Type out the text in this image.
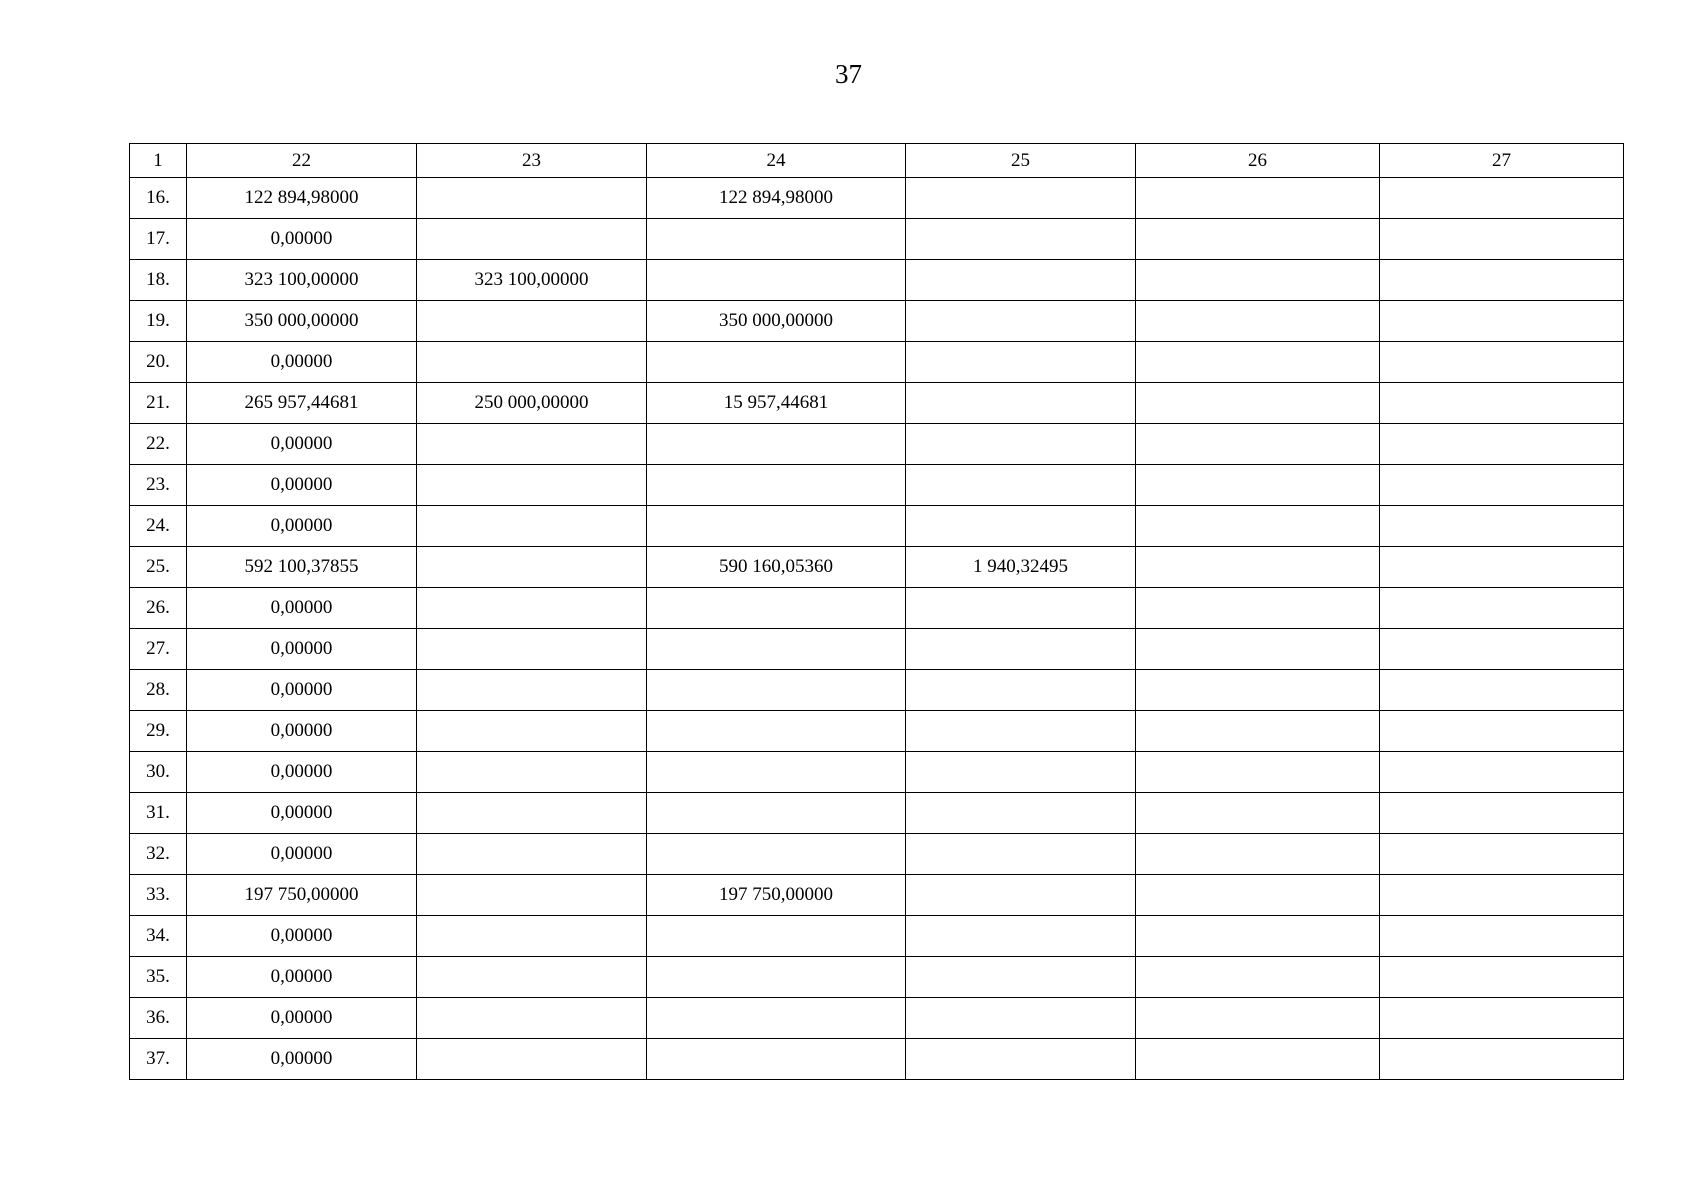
37
1	22	23	24	25	26	27
16.	122 894,98000		122 894,98000			
17.	0,00000					
18.	323 100,00000	323 100,00000				
19.	350 000,00000		350 000,00000			
20.	0,00000					
21.	265 957,44681	250 000,00000	15 957,44681			
22.	0,00000					
23.	0,00000					
24.	0,00000					
25.	592 100,37855		590 160,05360	1 940,32495		
26.	0,00000					
27.	0,00000					
28.	0,00000					
29.	0,00000					
30.	0,00000					
31.	0,00000					
32.	0,00000					
33.	197 750,00000		197 750,00000			
34.	0,00000					
35.	0,00000					
36.	0,00000					
37.	0,00000					
